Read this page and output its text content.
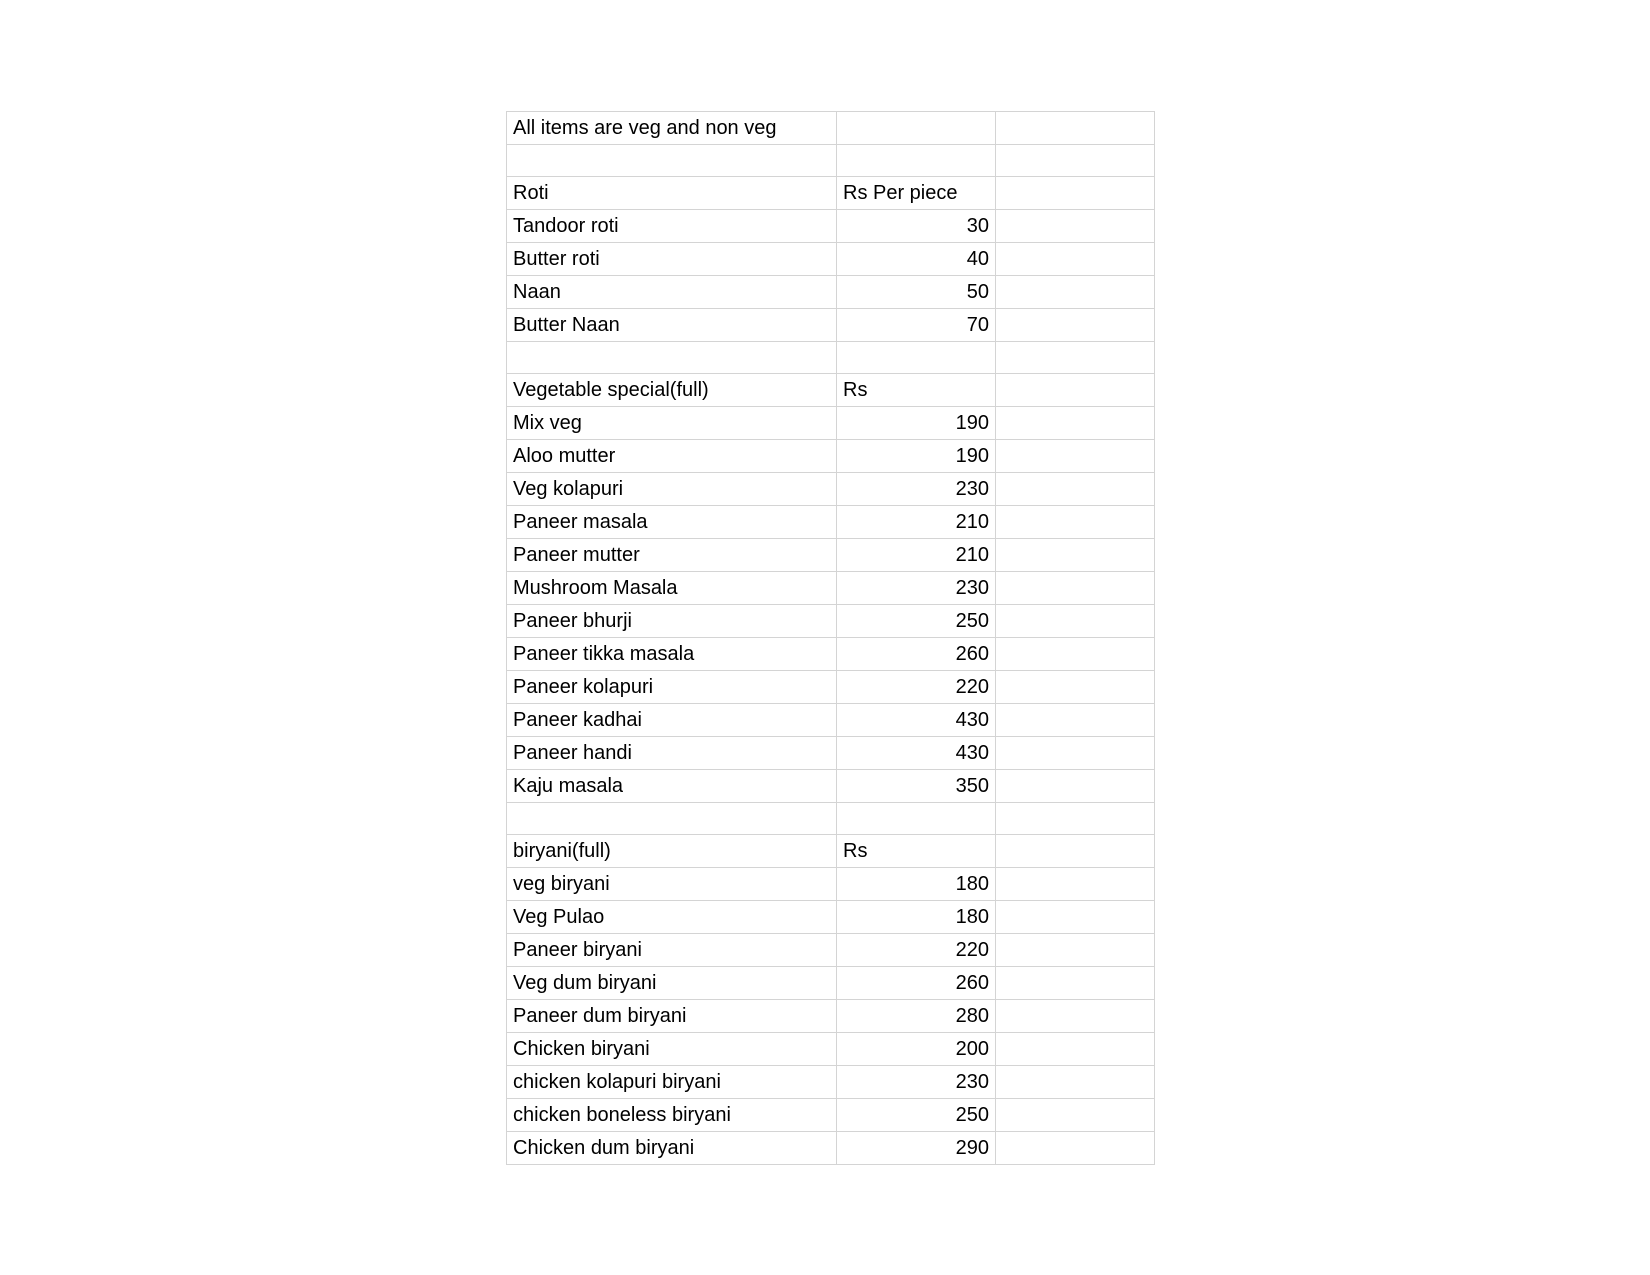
All items are veg and non veg		

Roti	Rs Per piece	
Tandoor roti	30	
Butter roti	40	
Naan	50	
Butter Naan	70	

Vegetable special(full)	Rs	
Mix veg	190	
Aloo mutter	190	
Veg kolapuri	230	
Paneer masala	210	
Paneer mutter	210	
Mushroom Masala	230	
Paneer bhurji	250	
Paneer tikka masala	260	
Paneer kolapuri	220	
Paneer kadhai	430	
Paneer handi	430	
Kaju masala	350	

biryani(full)	Rs	
veg biryani	180	
Veg Pulao	180	
Paneer biryani	220	
Veg dum biryani	260	
Paneer dum biryani	280	
Chicken biryani	200	
chicken kolapuri biryani	230	
chicken boneless biryani	250	
Chicken dum biryani	290	
